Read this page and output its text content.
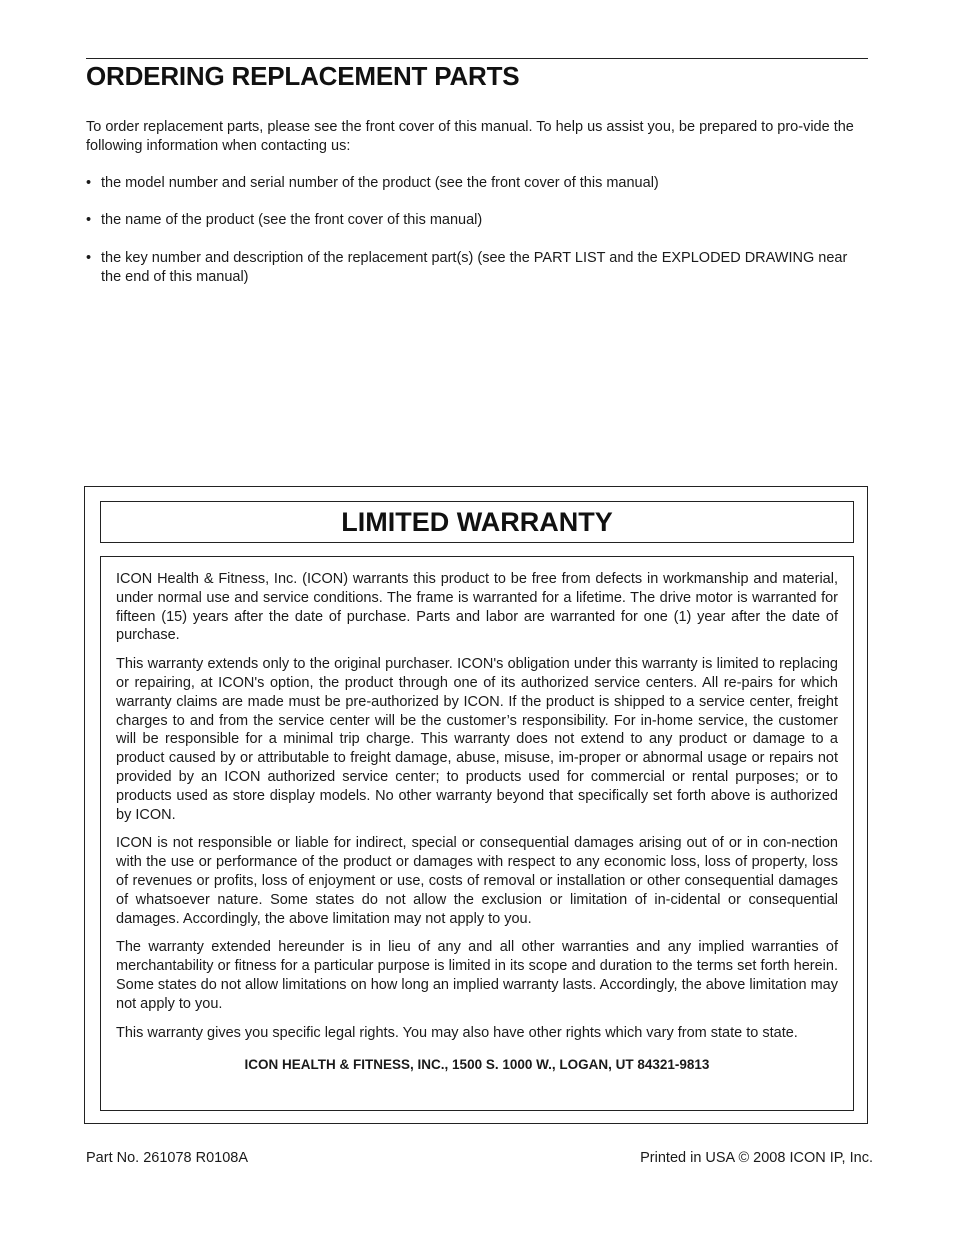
ORDERING REPLACEMENT PARTS

To order replacement parts, please see the front cover of this manual. To help us assist you, be prepared to pro-vide the following information when contacting us:

• the model number and serial number of the product (see the front cover of this manual)
• the name of the product (see the front cover of this manual)
• the key number and description of the replacement part(s) (see the PART LIST and the EXPLODED DRAWING near the end of this manual)
LIMITED WARRANTY

ICON Health & Fitness, Inc. (ICON) warrants this product to be free from defects in workmanship and material, under normal use and service conditions. The frame is warranted for a lifetime. The drive motor is warranted for fifteen (15) years after the date of purchase. Parts and labor are warranted for one (1) year after the date of purchase.

This warranty extends only to the original purchaser. ICON's obligation under this warranty is limited to replacing or repairing, at ICON's option, the product through one of its authorized service centers. All re-pairs for which warranty claims are made must be pre-authorized by ICON. If the product is shipped to a service center, freight charges to and from the service center will be the customer’s responsibility. For in-home service, the customer will be responsible for a minimal trip charge. This warranty does not extend to any product or damage to a product caused by or attributable to freight damage, abuse, misuse, im-proper or abnormal usage or repairs not provided by an ICON authorized service center; to products used for commercial or rental purposes; or to products used as store display models. No other warranty beyond that specifically set forth above is authorized by ICON.

ICON is not responsible or liable for indirect, special or consequential damages arising out of or in con-nection with the use or performance of the product or damages with respect to any economic loss, loss of property, loss of revenues or profits, loss of enjoyment or use, costs of removal or installation or other consequential damages of whatsoever nature. Some states do not allow the exclusion or limitation of in-cidental or consequential damages. Accordingly, the above limitation may not apply to you.

The warranty extended hereunder is in lieu of any and all other warranties and any implied warranties of merchantability or fitness for a particular purpose is limited in its scope and duration to the terms set forth herein. Some states do not allow limitations on how long an implied warranty lasts. Accordingly, the above limitation may not apply to you.

This warranty gives you specific legal rights. You may also have other rights which vary from state to state.

ICON HEALTH & FITNESS, INC., 1500 S. 1000 W., LOGAN, UT 84321-9813

Part No. 261078 R0108A	Printed in USA © 2008 ICON IP, Inc.
